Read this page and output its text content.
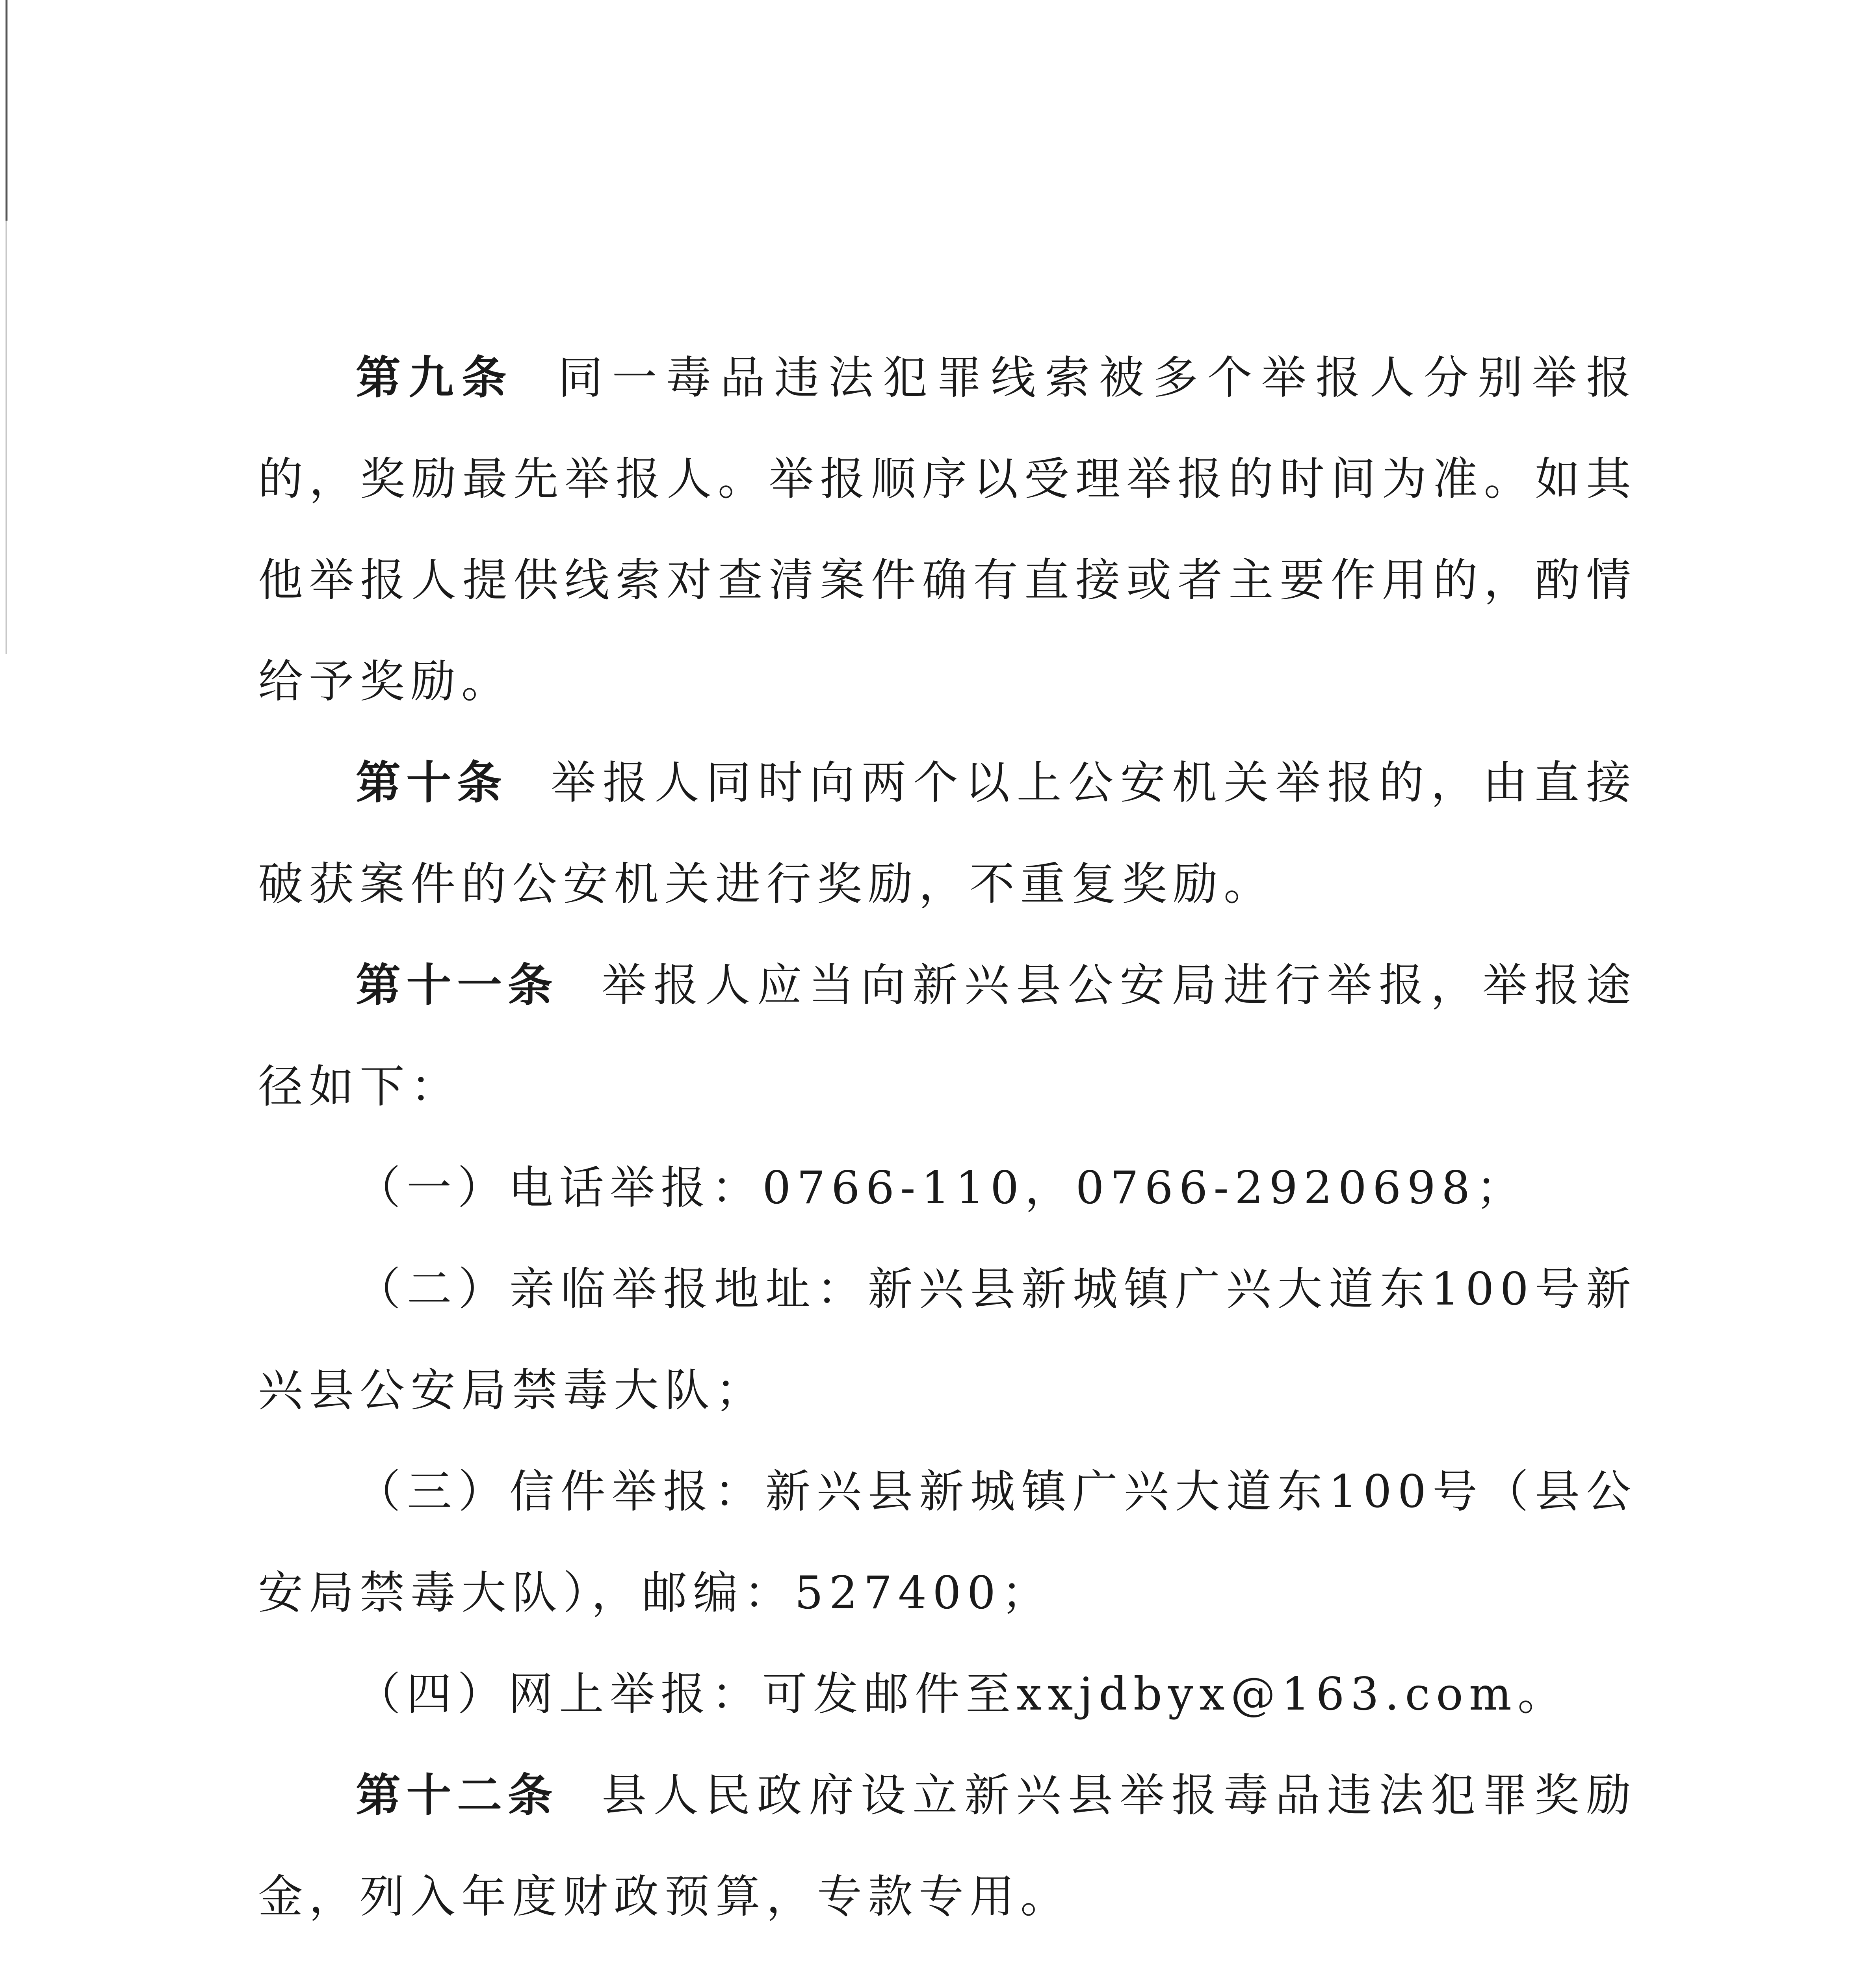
第九条 同一毒品违法犯罪线索被多个举报人分别举报的，奖励最先举报人。举报顺序以受理举报的时间为准。如其他举报人提供线索对查清案件确有直接或者主要作用的，酌情给予奖励。

第十条 举报人同时向两个以上公安机关举报的，由直接破获案件的公安机关进行奖励，不重复奖励。

第十一条 举报人应当向新兴县公安局进行举报，举报途径如下：

（一）电话举报：0766-110，0766-2920698；

（二）亲临举报地址：新兴县新城镇广兴大道东100号新兴县公安局禁毒大队；

（三）信件举报：新兴县新城镇广兴大道东100号（县公安局禁毒大队），邮编：527400；

（四）网上举报：可发邮件至xxjdbyx@163.com。

第十二条 县人民政府设立新兴县举报毒品违法犯罪奖励金，列入年度财政预算，专款专用。
